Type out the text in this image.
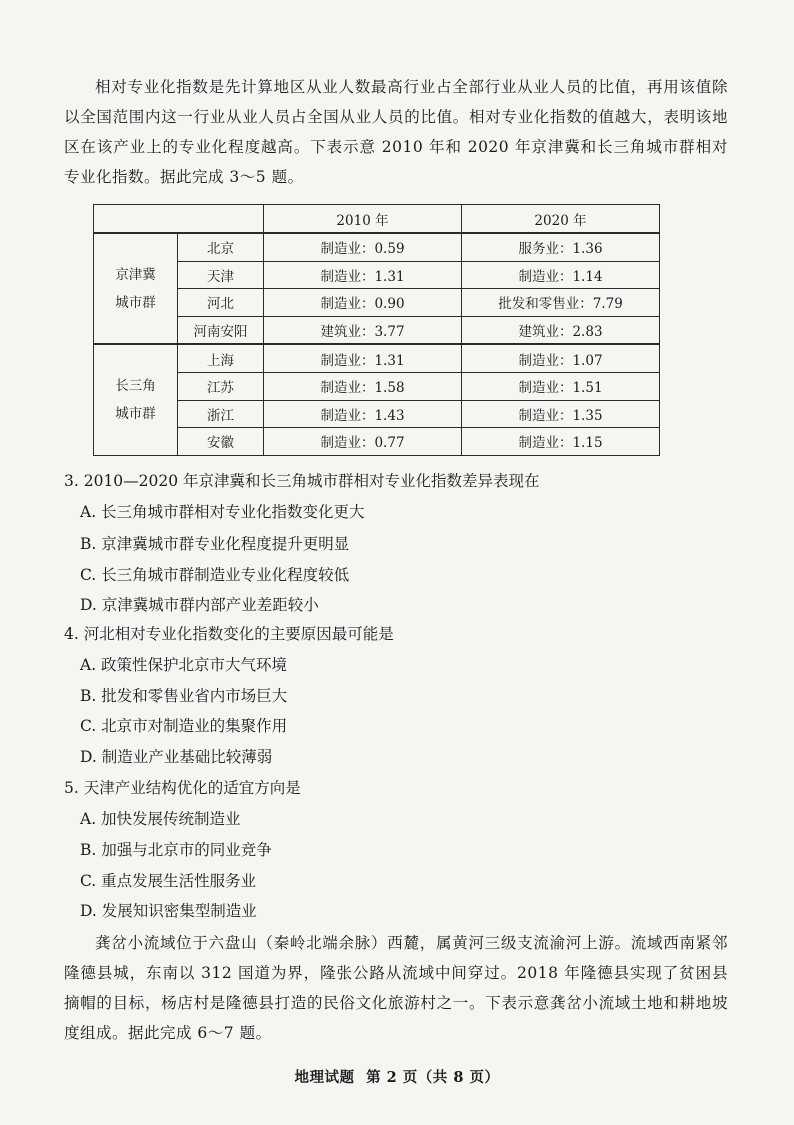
相对专业化指数是先计算地区从业人数最高行业占全部行业从业人员的比值，再用该值除以全国范围内这一行业从业人员占全国从业人员的比值。相对专业化指数的值越大，表明该地区在该产业上的专业化程度越高。下表示意 2010 年和 2020 年京津冀和长三角城市群相对专业化指数。据此完成 3～5 题。
		2010 年	2020 年

京津冀
城市群	北京	制造业：0.59	服务业：1.36
	天津	制造业：1.31	制造业：1.14
	河北	制造业：0.90	批发和零售业：7.79
	河南安阳	建筑业：3.77	建筑业：2.83

长三角
城市群	上海	制造业：1.31	制造业：1.07
	江苏	制造业：1.58	制造业：1.51
	浙江	制造业：1.43	制造业：1.35
	安徽	制造业：0.77	制造业：1.15
3. 2010—2020 年京津冀和长三角城市群相对专业化指数差异表现在
A. 长三角城市群相对专业化指数变化更大
B. 京津冀城市群专业化程度提升更明显
C. 长三角城市群制造业专业化程度较低
D. 京津冀城市群内部产业差距较小
4. 河北相对专业化指数变化的主要原因最可能是
A. 政策性保护北京市大气环境
B. 批发和零售业省内市场巨大
C. 北京市对制造业的集聚作用
D. 制造业产业基础比较薄弱
5. 天津产业结构优化的适宜方向是
A. 加快发展传统制造业
B. 加强与北京市的同业竞争
C. 重点发展生活性服务业
D. 发展知识密集型制造业
龚岔小流域位于六盘山（秦岭北端余脉）西麓，属黄河三级支流渝河上游。流域西南紧邻隆德县城，东南以 312 国道为界，隆张公路从流域中间穿过。2018 年隆德县实现了贫困县摘帽的目标，杨店村是隆德县打造的民俗文化旅游村之一。下表示意龚岔小流域土地和耕地坡度组成。据此完成 6～7 题。
地理试题 第 2 页（共 8 页）
